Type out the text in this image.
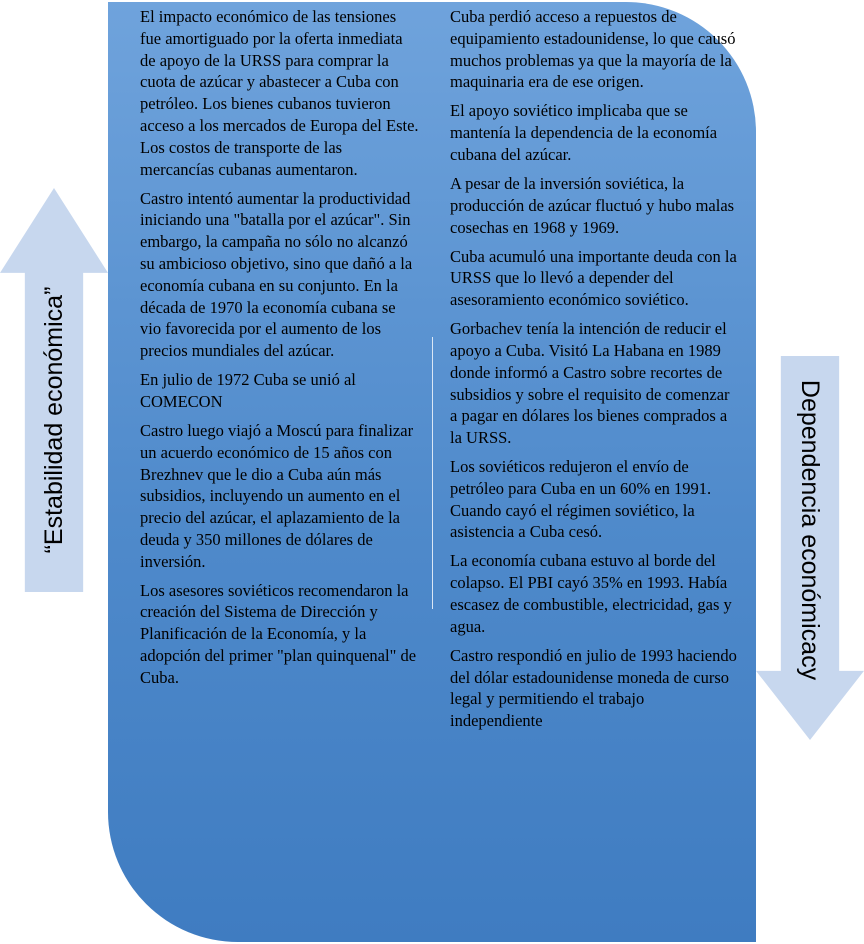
“Estabilidad económica”

El impacto económico de las tensiones fue amortiguado por la oferta inmediata de apoyo de la URSS para comprar la cuota de azúcar y abastecer a Cuba con petróleo. Los bienes cubanos tuvieron acceso a los mercados de Europa del Este. Los costos de transporte de las mercancías cubanas aumentaron.

Castro intentó aumentar la productividad iniciando una "batalla por el azúcar". Sin embargo, la campaña no sólo no alcanzó su ambicioso objetivo, sino que dañó a la economía cubana en su conjunto. En la década de 1970 la economía cubana se vio favorecida por el aumento de los precios mundiales del azúcar.

En julio de 1972 Cuba se unió al COMECON

Castro luego viajó a Moscú para finalizar un acuerdo económico de 15 años con Brezhnev que le dio a Cuba aún más subsidios, incluyendo un aumento en el precio del azúcar, el aplazamiento de la deuda y 350 millones de dólares de inversión.

Los asesores soviéticos recomendaron la creación del Sistema de Dirección y Planificación de la Economía, y la adopción del primer "plan quinquenal" de Cuba.

Cuba perdió acceso a repuestos de equipamiento estadounidense, lo que causó muchos problemas ya que la mayoría de la maquinaria era de ese origen.

El apoyo soviético implicaba que se mantenía la dependencia de la economía cubana del azúcar.

A pesar de la inversión soviética, la producción de azúcar fluctuó y hubo malas cosechas en 1968 y 1969.

Cuba acumuló una importante deuda con la URSS que lo llevó a depender del asesoramiento económico soviético.

Gorbachev tenía la intención de reducir el apoyo a Cuba. Visitó La Habana en 1989 donde informó a Castro sobre recortes de subsidios y sobre el requisito de comenzar a pagar en dólares los bienes comprados a la URSS.

Los soviéticos redujeron el envío de petróleo para Cuba en un 60% en 1991. Cuando cayó el régimen soviético, la asistencia a Cuba cesó.

La economía cubana estuvo al borde del colapso. El PBI cayó 35% en 1993. Había escasez de combustible, electricidad, gas y agua.

Castro respondió en julio de 1993 haciendo del dólar estadounidense moneda de curso legal y permitiendo el trabajo independiente

Dependencia económicacy
